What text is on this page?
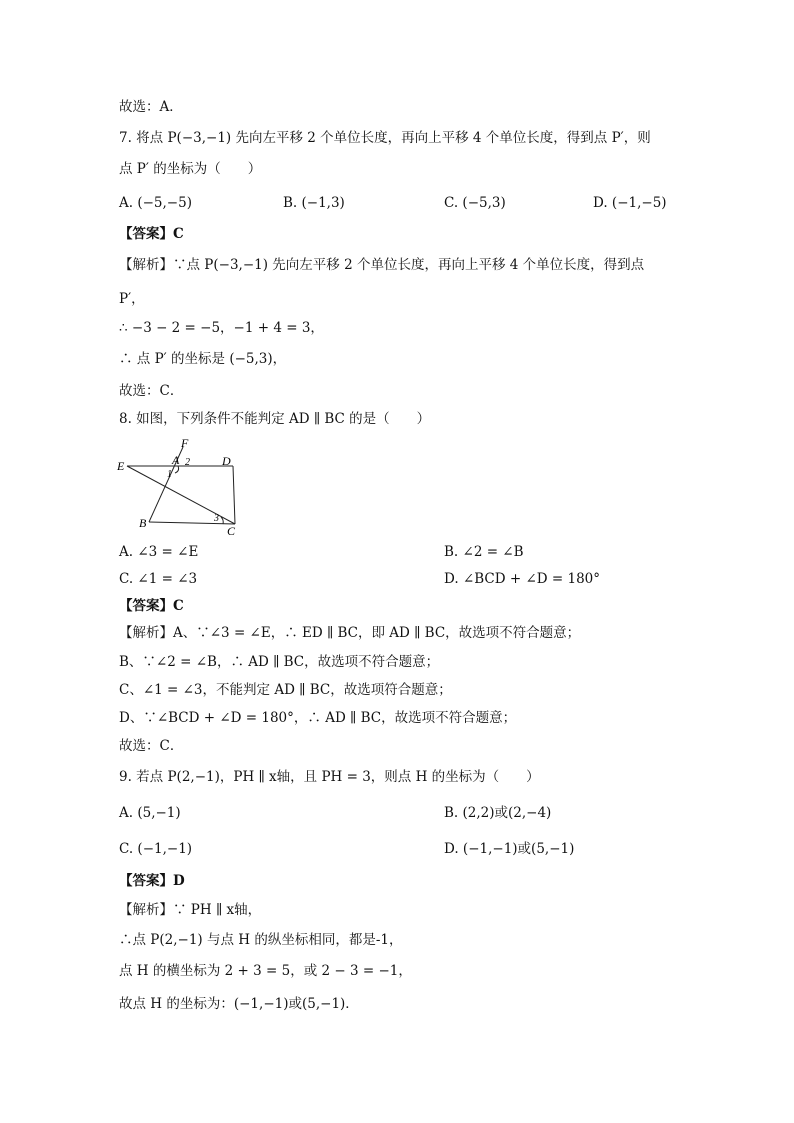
故选：A．
7. 将点 P(−3,−1) 先向左平移 2 个单位长度，再向上平移 4 个单位长度，得到点 P′，则
点 P′ 的坐标为（　　）
A. (−5,−5)	B. (−1,3)	C. (−5,3)	D. (−1,−5)
【答案】C
【解析】∵点 P(−3,−1) 先向左平移 2 个单位长度，再向上平移 4 个单位长度，得到点
P′，
∴ −3 − 2 = −5，−1 + 4 = 3，
∴ 点 P′ 的坐标是 (−5,3)，
故选：C．
8. 如图，下列条件不能判定 AD ∥ BC 的是（　　）
F
A 2	D
E
1
B	3
C
A. ∠3 = ∠E	B. ∠2 = ∠B
C. ∠1 = ∠3	D. ∠BCD + ∠D = 180°
【答案】C
【解析】A、∵∠3 = ∠E，∴ ED ∥ BC，即 AD ∥ BC，故选项不符合题意；
B、∵∠2 = ∠B，∴ AD ∥ BC，故选项不符合题意；
C、∠1 = ∠3，不能判定 AD ∥ BC，故选项符合题意；
D、∵∠BCD + ∠D = 180°，∴ AD ∥ BC，故选项不符合题意；
故选：C．
9. 若点 P(2,−1)，PH ∥ x轴，且 PH = 3，则点 H 的坐标为（　　）
A. (5,−1)	B. (2,2)或(2,−4)
C. (−1,−1)	D. (−1,−1)或(5,−1)
【答案】D
【解析】∵ PH ∥ x轴，
∴点 P(2,−1) 与点 H 的纵坐标相同，都是-1，
点 H 的横坐标为 2 + 3 = 5，或 2 − 3 = −1，
故点 H 的坐标为：(−1,−1)或(5,−1)．
